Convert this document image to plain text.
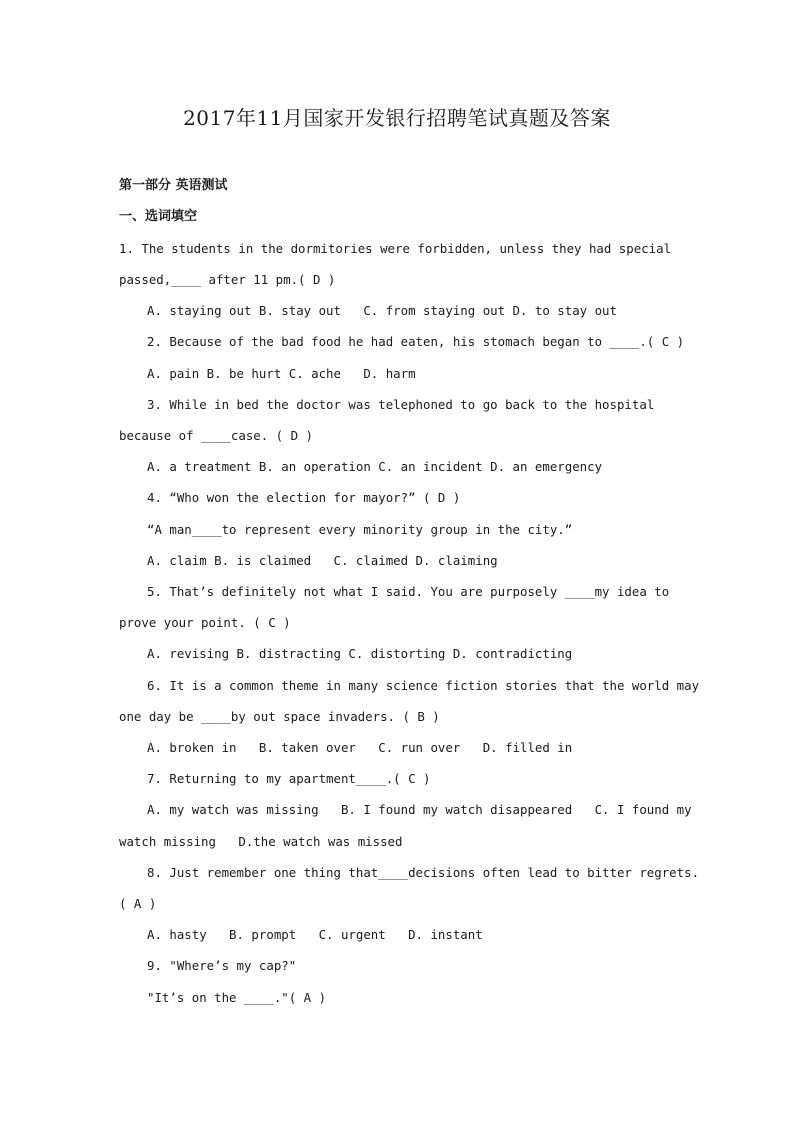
2017年11月国家开发银行招聘笔试真题及答案
第一部分 英语测试
一、选词填空
1. The students in the dormitories were forbidden, unless they had special
passed,____ after 11 pm.( D )
A. staying out B. stay out   C. from staying out D. to stay out
2. Because of the bad food he had eaten, his stomach began to ____.( C )
A. pain B. be hurt C. ache   D. harm
3. While in bed the doctor was telephoned to go back to the hospital
because of ____case. ( D )
A. a treatment B. an operation C. an incident D. an emergency
4. “Who won the election for mayor?” ( D )
“A man____to represent every minority group in the city.”
A. claim B. is claimed   C. claimed D. claiming
5. That’s definitely not what I said. You are purposely ____my idea to
prove your point. ( C )
A. revising B. distracting C. distorting D. contradicting
6. It is a common theme in many science fiction stories that the world may
one day be ____by out space invaders. ( B )
A. broken in   B. taken over   C. run over   D. filled in
7. Returning to my apartment____.( C )
A. my watch was missing   B. I found my watch disappeared   C. I found my
watch missing   D.the watch was missed
8. Just remember one thing that____decisions often lead to bitter regrets.
( A )
A. hasty   B. prompt   C. urgent   D. instant
9. "Where’s my cap?"
"It’s on the ____."( A )
